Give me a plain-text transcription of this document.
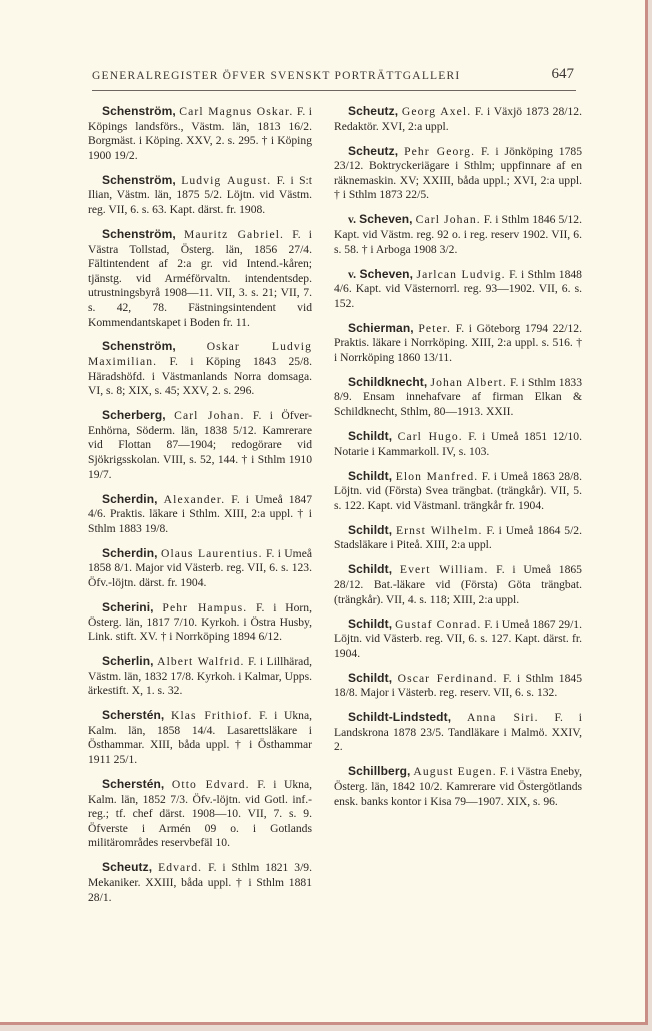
GENERALREGISTER ÖFVER SVENSKT PORTRÄTTGALLERI	647

Schenström, Carl Magnus Oskar. F. i Köpings landsförs., Västm. län, 1813 16/2. Borgmäst. i Köping. XXV, 2. s. 295. † i Köping 1900 19/2.

Schenström, Ludvig August. F. i S:t Ilian, Västm. län, 1875 5/2. Löjtn. vid Västm. reg. VII, 6. s. 63. Kapt. därst. fr. 1908.

Schenström, Mauritz Gabriel. F. i Västra Tollstad, Österg. län, 1856 27/4. Fältintendent af 2:a gr. vid Intend.-kåren; tjänstg. vid Arméförvaltn. intendentsdep. utrustningsbyrå 1908—11. VII, 3. s. 21; VII, 7. s. 42, 78. Fästningsintendent vid Kommendantskapet i Boden fr. 11.

Schenström,	Oskar Ludvig Maximilian. F. i Köping 1843 25/8. Häradshöfd. i Västmanlands Norra domsaga. VI, s. 8; XIX, s. 45; XXV, 2. s. 296.

Scherberg, Carl Johan. F. i Öfver-Enhörna, Söderm. län, 1838 5/12. Kamrerare vid Flottan 87—1904; redogörare vid Sjökrigsskolan. VIII, s. 52, 144. † i Sthlm 1910 19/7.

Scherdin, Alexander. F. i Umeå 1847 4/6. Praktis. läkare i Sthlm. XIII, 2:a uppl. † i Sthlm 1883 19/8.

Scherdin, Olaus Laurentius. F. i Umeå 1858 8/1. Major vid Västerb. reg. VII, 6. s. 123. Öfv.-löjtn. därst. fr. 1904.

Scherini, Pehr Hampus. F. i Horn, Österg. län, 1817 7/10. Kyrkoh. i Östra Husby, Link. stift. XV. † i Norrköping 1894 6/12.

Scherlin, Albert Walfrid. F. i Lillhärad, Västm. län, 1832 17/8. Kyrkoh. i Kalmar, Upps. ärkestift. X, 1. s. 32.

Scherstén, Klas Frithiof. F. i Ukna, Kalm. län, 1858 14/4. Lasarettsläkare i Östhammar. XIII, båda uppl. † i Östhammar 1911 25/1.

Scherstén, Otto Edvard. F. i Ukna, Kalm. län, 1852 7/3. Öfv.-löjtn. vid Gotl. inf.-reg.; tf. chef därst. 1908—10. VII, 7. s. 9. Öfverste i Armén 09 o. i Gotlands militärområdes reservbefäl 10.

Scheutz, Edvard. F. i Sthlm 1821 3/9. Mekaniker. XXIII, båda uppl. † i Sthlm 1881 28/1.

Scheutz, Georg Axel. F. i Växjö 1873 28/12. Redaktör. XVI, 2:a uppl.

Scheutz, Pehr Georg. F. i Jönköping 1785 23/12. Boktryckeriägare i Sthlm; uppfinnare af en räknemaskin. XV; XXIII, båda uppl.; XVI, 2:a uppl. † i Sthlm 1873 22/5.

v. Scheven, Carl Johan. F. i Sthlm 1846 5/12. Kapt. vid Västm. reg. 92 o. i reg. reserv 1902. VII, 6. s. 58. † i Arboga 1908 3/2.

v. Scheven, Jarlcan Ludvig. F. i Sthlm 1848 4/6. Kapt. vid Västernorrl. reg. 93—1902. VII, 6. s. 152.

Schierman, Peter. F. i Göteborg 1794 22/12. Praktis. läkare i Norrköping. XIII, 2:a uppl. s. 516. † i Norrköping 1860 13/11.

Schildknecht, Johan Albert. F. i Sthlm 1833 8/9. Ensam innehafvare af firman Elkan & Schildknecht, Sthlm, 80—1913. XXII.

Schildt, Carl Hugo. F. i Umeå 1851 12/10. Notarie i Kammarkoll. IV, s. 103.

Schildt, Elon Manfred. F. i Umeå 1863 28/8. Löjtn. vid (Första) Svea trängbat. (trängkår). VII, 5. s. 122. Kapt. vid Västmanl. trängkår fr. 1904.

Schildt, Ernst Wilhelm. F. i Umeå 1864 5/2. Stadsläkare i Piteå. XIII, 2:a uppl.

Schildt, Evert William. F. i Umeå 1865 28/12. Bat.-läkare vid (Första) Göta trängbat. (trängkår). VII, 4. s. 118; XIII, 2:a uppl.

Schildt, Gustaf Conrad. F. i Umeå 1867 29/1. Löjtn. vid Västerb. reg. VII, 6. s. 127. Kapt. därst. fr. 1904.

Schildt, Oscar Ferdinand. F. i Sthlm 1845 18/8. Major i Västerb. reg. reserv. VII, 6. s. 132.

Schildt-Lindstedt, Anna Siri. F. i Landskrona 1878 23/5. Tandläkare i Malmö. XXIV, 2.

Schillberg, August Eugen. F. i Västra Eneby, Österg. län, 1842 10/2. Kamrerare vid Östergötlands ensk. banks kontor i Kisa 79—1907. XIX, s. 96.
